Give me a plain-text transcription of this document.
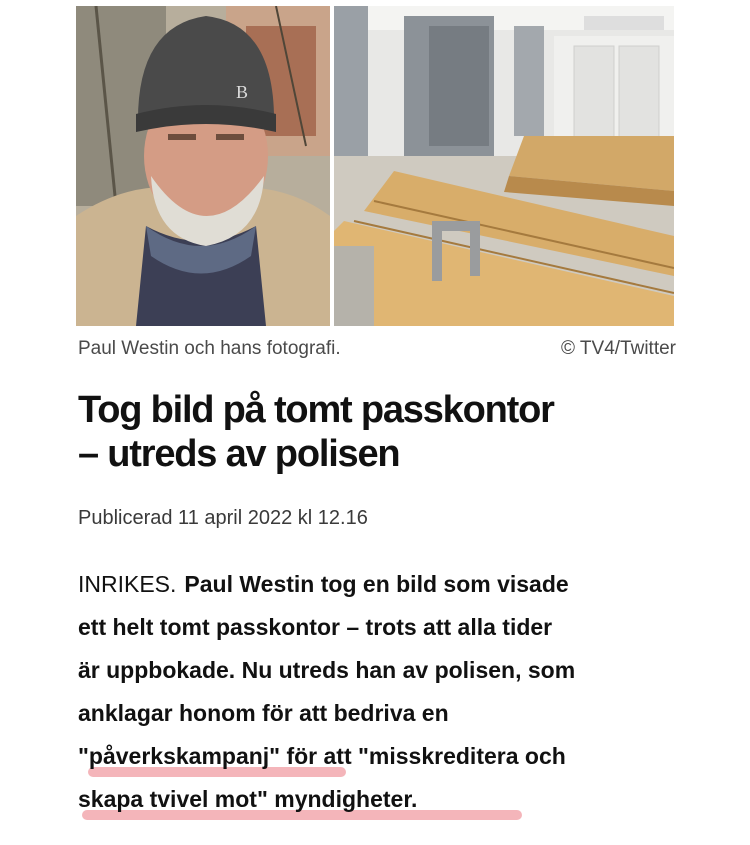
B
Paul Westin och hans fotografi.	© TV4/Twitter
Tog bild på tomt passkontor
– utreds av polisen
Publicerad 11 april 2022 kl 12.16
INRIKES. Paul Westin tog en bild som visade
ett helt tomt passkontor – trots att alla tider
är uppbokade. Nu utreds han av polisen, som
anklagar honom för att bedriva en
"påverkskampanj" för att "misskreditera och
skapa tvivel mot" myndigheter.
